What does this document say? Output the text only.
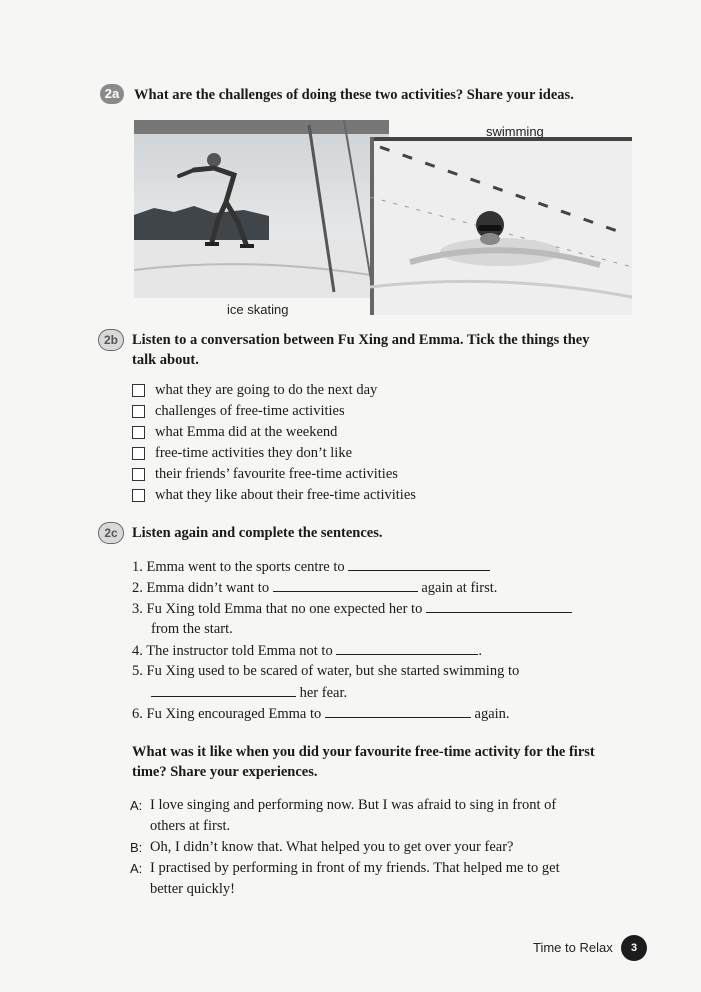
2a	What are the challenges of doing these two activities? Share your ideas.
swimming
ice skating
2b Listen to a conversation between Fu Xing and Emma. Tick the things they
talk about.
what they are going to do the next day
challenges of free-time activities
what Emma did at the weekend
free-time activities they don’t like
their friends’ favourite free-time activities
what they like about their free-time activities
2c Listen again and complete the sentences.
1. Emma went to the sports centre to
2. Emma didn’t want to	again at first.
3. Fu Xing told Emma that no one expected her to
from the start.
4. The instructor told Emma not to	.
5. Fu Xing used to be scared of water, but she started swimming to
her fear.
6. Fu Xing encouraged Emma to	again.
What was it like when you did your favourite free-time activity for the first
time? Share your experiences.
A: I love singing and performing now. But I was afraid to sing in front of
others at first.
B: Oh, I didn’t know that. What helped you to get over your fear?
A: I practised by performing in front of my friends. That helped me to get
better quickly!
Time to Relax	3
